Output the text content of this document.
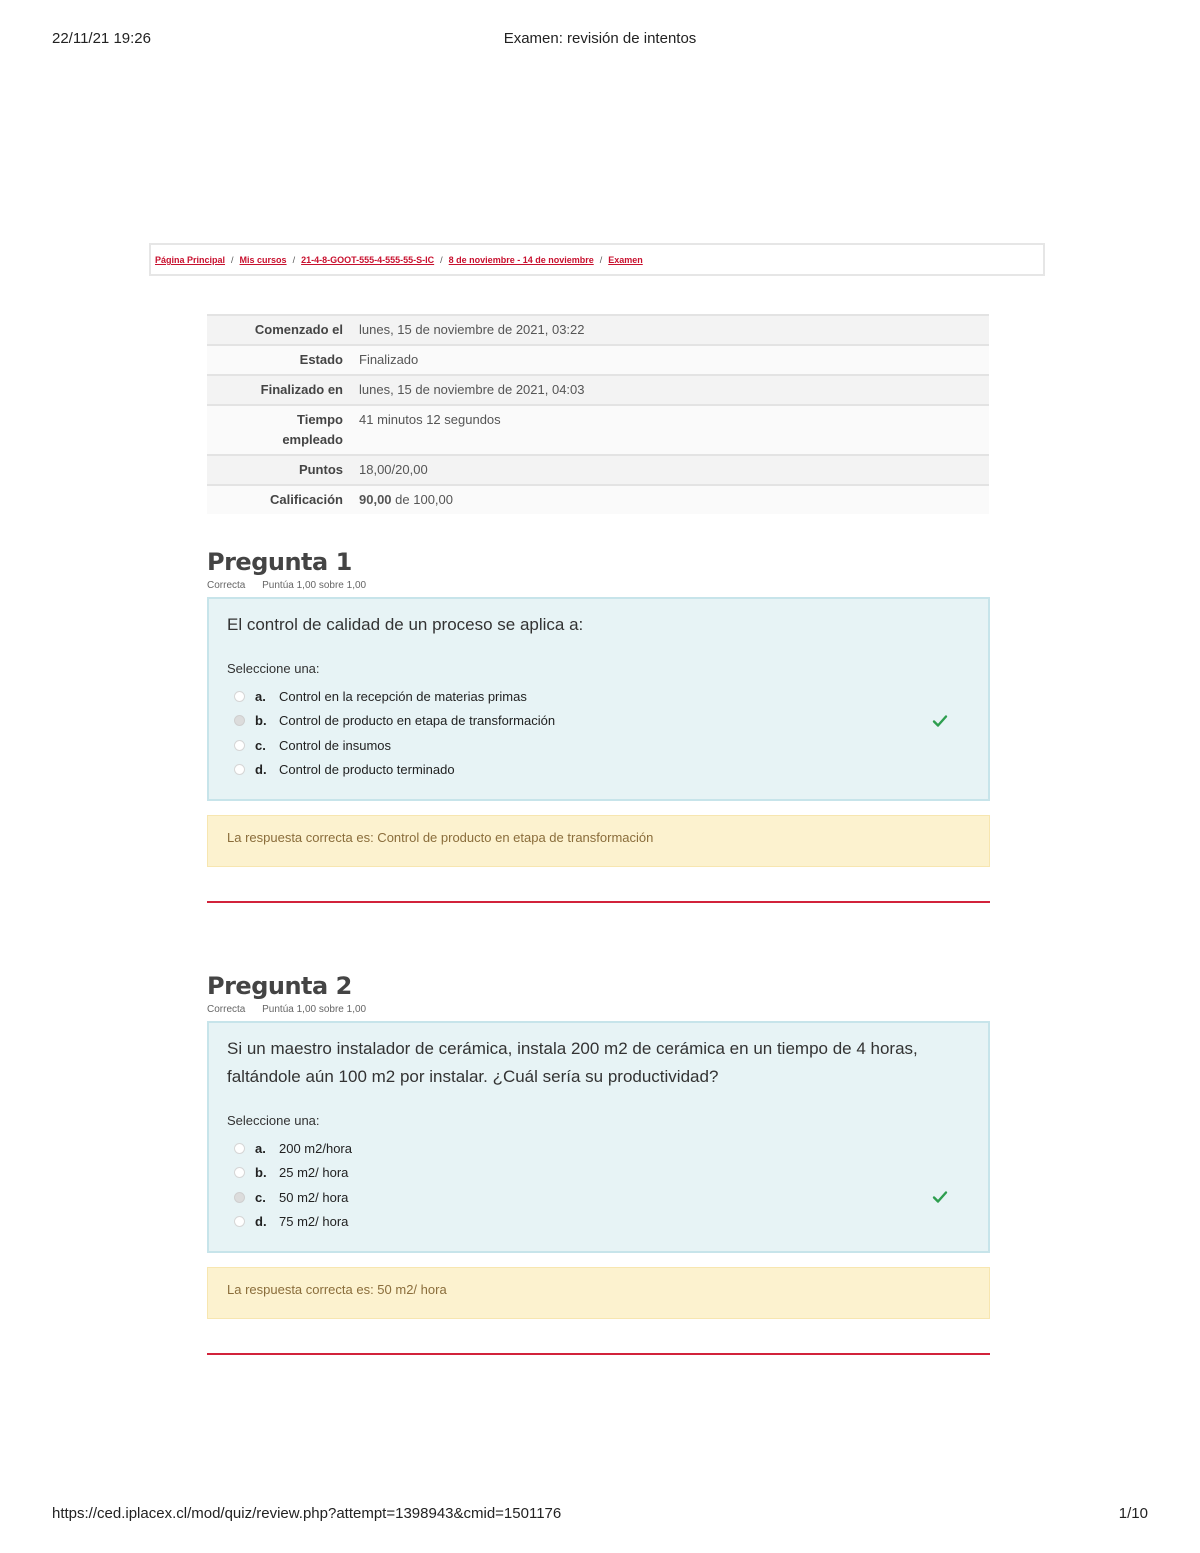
22/11/21 19:26	Examen: revisión de intentos
Página Principal / Mis cursos / 21-4-8-GOOT-555-4-555-55-S-IC / 8 de noviembre - 14 de noviembre / Examen
Comenzado el	lunes, 15 de noviembre de 2021, 03:22
Estado	Finalizado
Finalizado en	lunes, 15 de noviembre de 2021, 04:03
Tiempo empleado	41 minutos 12 segundos
Puntos	18,00/20,00
Calificación	90,00 de 100,00
Pregunta 1
Correcta Puntúa 1,00 sobre 1,00

El control de calidad de un proceso se aplica a:

Seleccione una:
a.	Control en la recepción de materias primas
b. Control de producto en etapa de transformación
c.	Control de insumos
d. Control de producto terminado
La respuesta correcta es: Control de producto en etapa de transformación
Pregunta 2
Correcta Puntúa 1,00 sobre 1,00

Si un maestro instalador de cerámica, instala 200 m2 de cerámica en un tiempo de 4 horas, faltándole aún 100 m2 por instalar. ¿Cuál sería su productividad?

Seleccione una:
a.	200 m2/hora
b. 25 m2/ hora
c.	50 m2/ hora
d. 75 m2/ hora
La respuesta correcta es: 50 m2/ hora
https://ced.iplacex.cl/mod/quiz/review.php?attempt=1398943&cmid=1501176	1/10
